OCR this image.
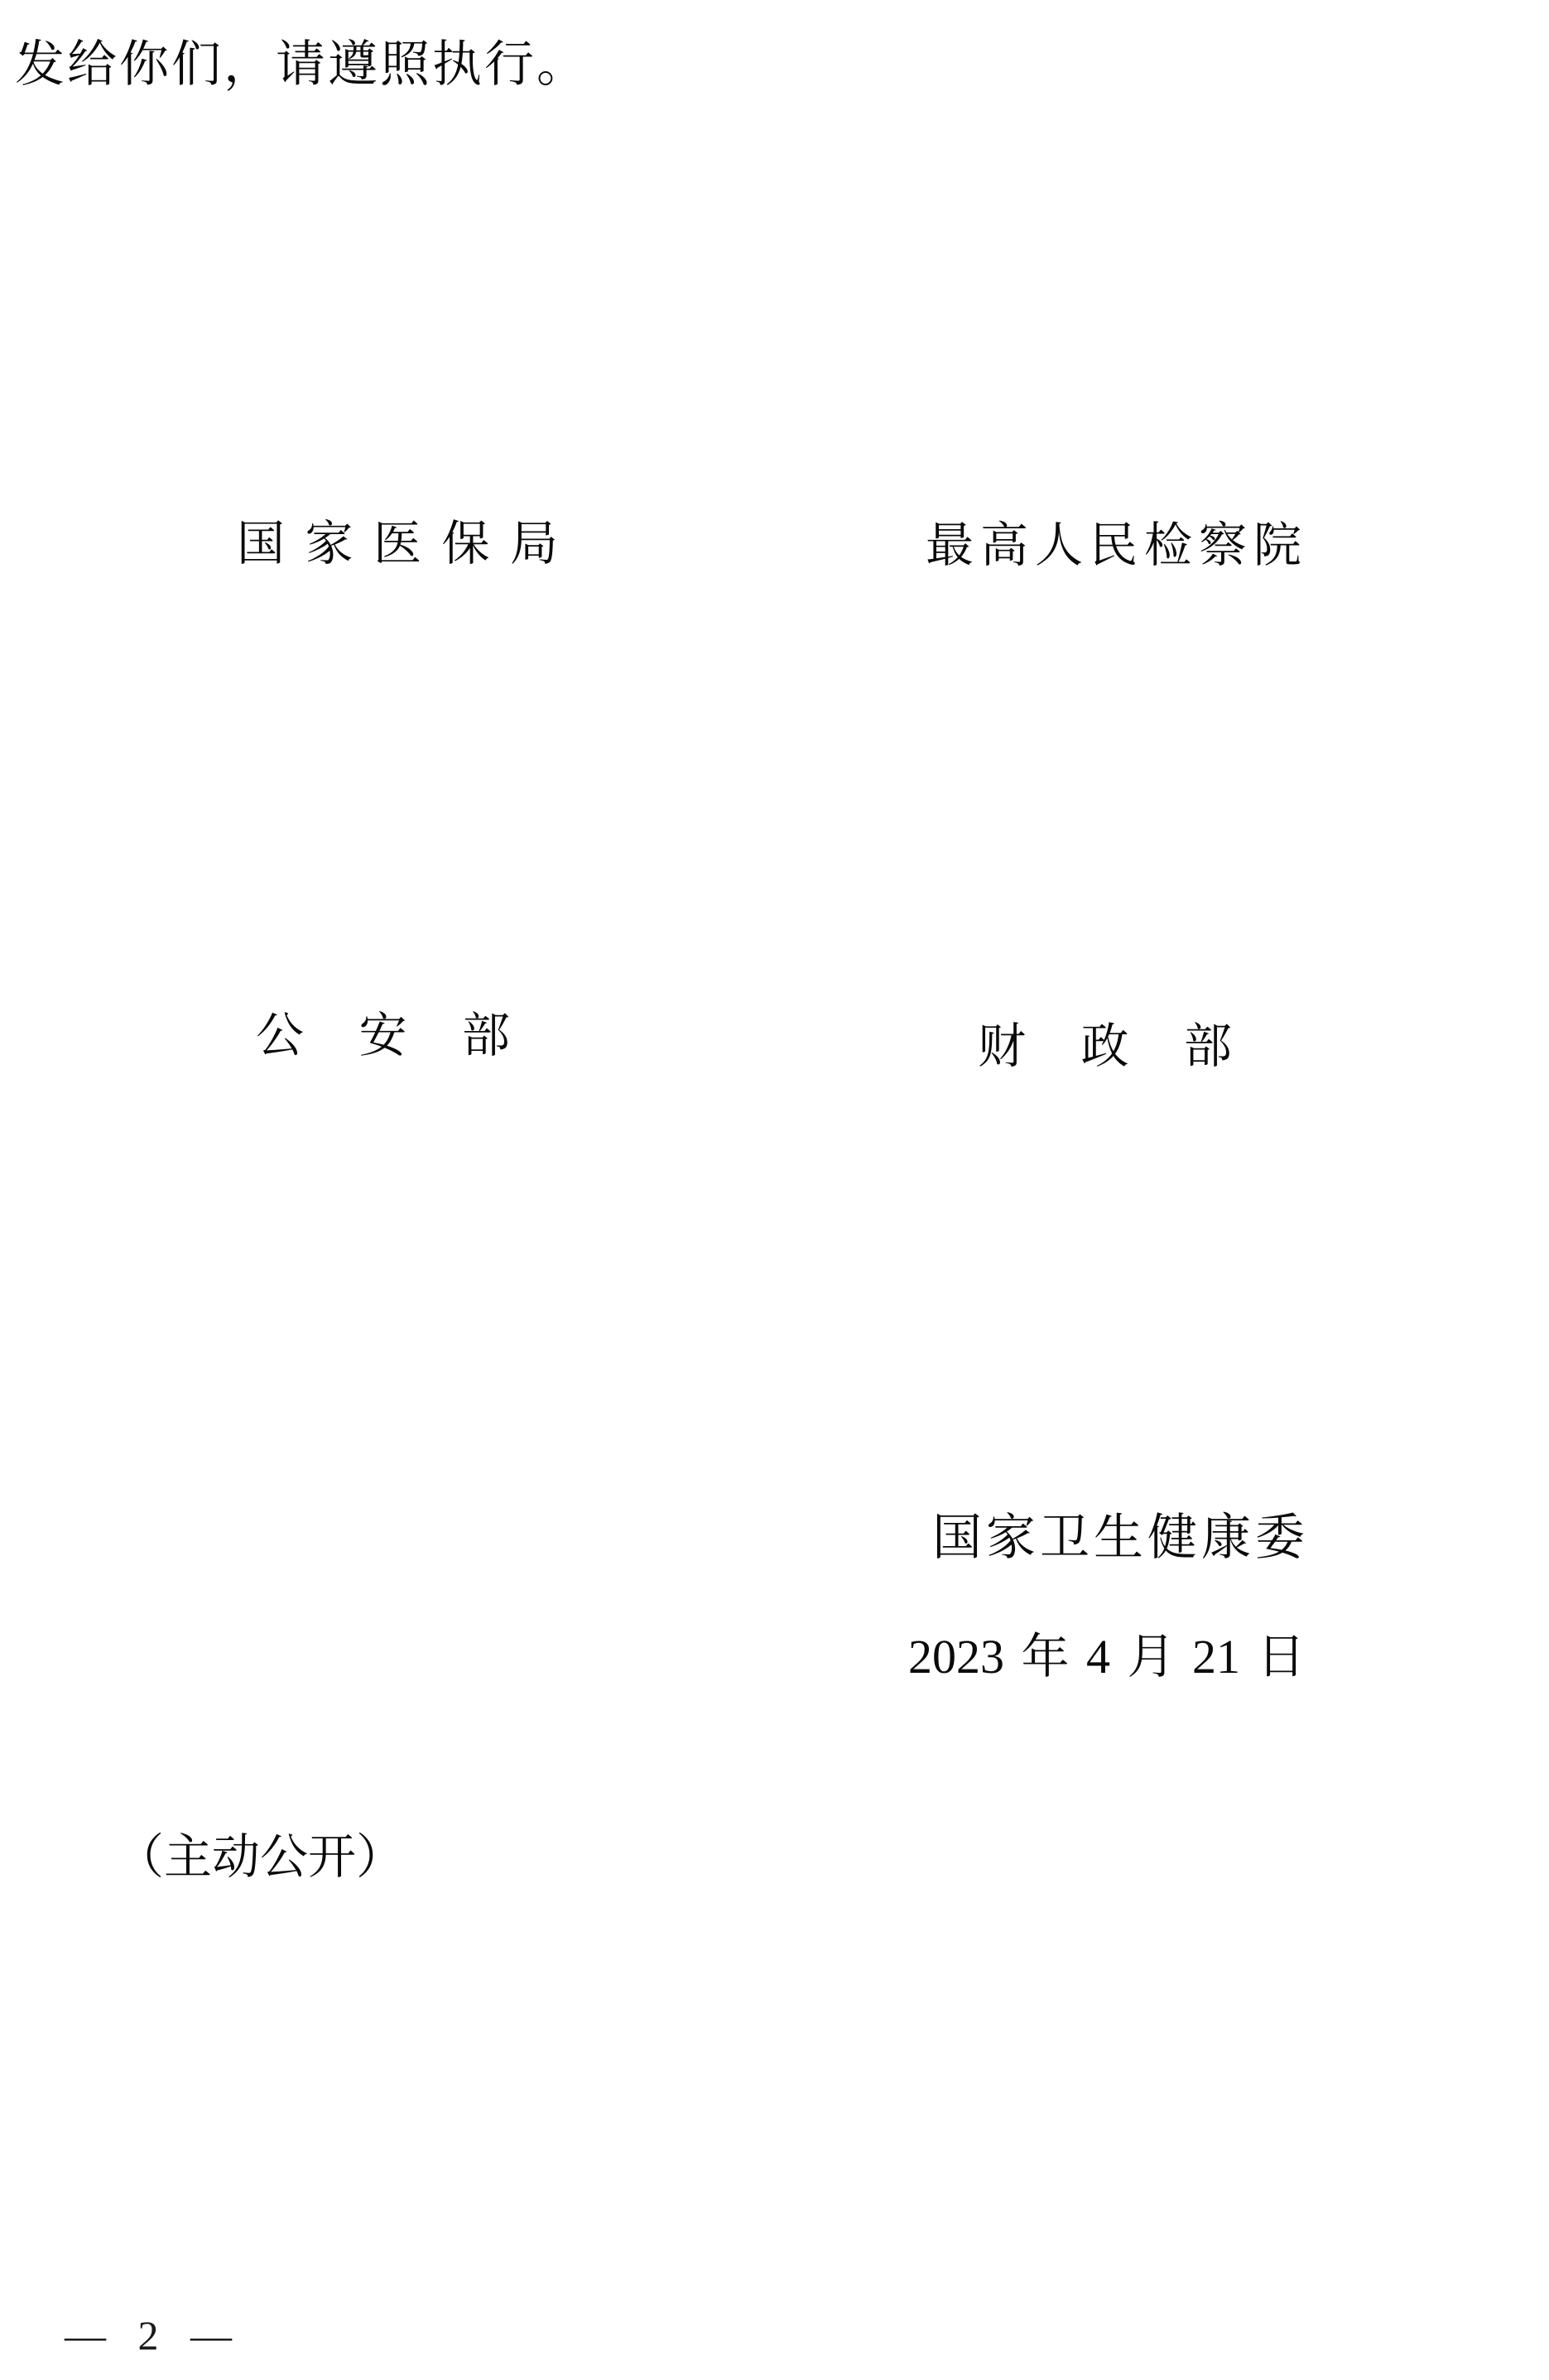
发给你们，请遵照执行。
国 家 医 保 局	最高人民检察院
公 安 部	财 政 部
国家卫生健康委
2023 年 4 月 21 日
（主动公开）
— 2 —
